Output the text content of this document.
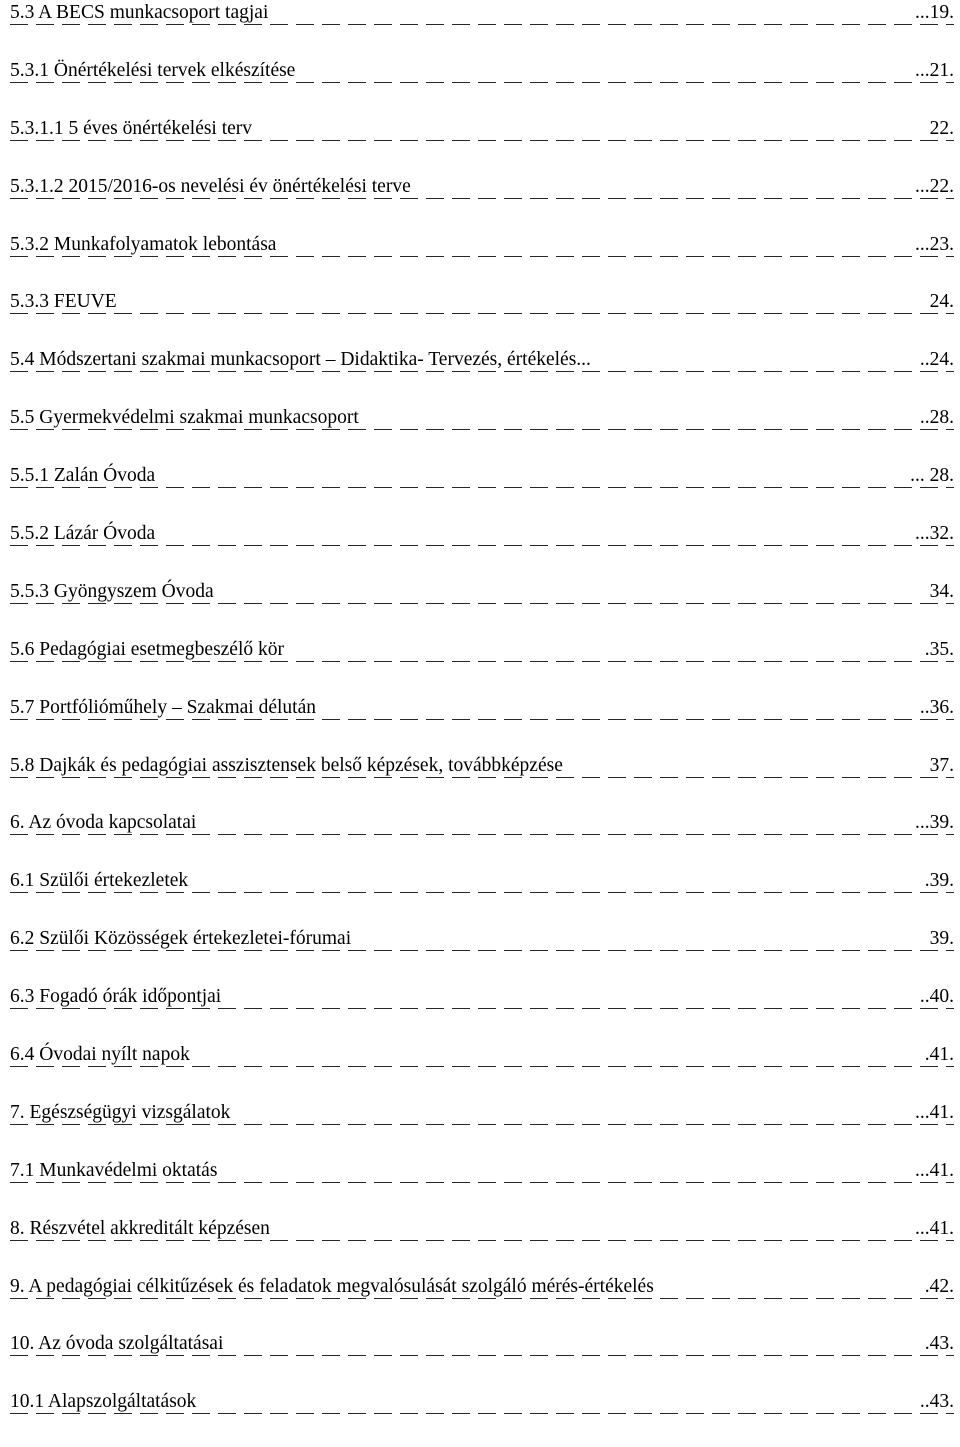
5.3 A BECS munkacsoport tagjai	...19.
5.3.1 Önértékelési tervek elkészítése	...21.
5.3.1.1 5 éves önértékelési terv	22.
5.3.1.2 2015/2016-os nevelési év önértékelési terve	...22.
5.3.2 Munkafolyamatok lebontása	...23.
5.3.3 FEUVE	24.
5.4 Módszertani szakmai munkacsoport – Didaktika- Tervezés, értékelés...	..24.
5.5 Gyermekvédelmi szakmai munkacsoport	..28.
5.5.1 Zalán Óvoda	... 28.
5.5.2 Lázár Óvoda	...32.
5.5.3 Gyöngyszem Óvoda	34.
5.6 Pedagógiai esetmegbeszélő kör	.35.
5.7 Portfólióműhely – Szakmai délután	..36.
5.8 Dajkák és pedagógiai asszisztensek belső képzések, továbbképzése	37.
6. Az óvoda kapcsolatai	...39.
6.1 Szülői értekezletek	.39.
6.2 Szülői Közösségek értekezletei-fórumai	39.
6.3 Fogadó órák időpontjai	..40.
6.4 Óvodai nyílt napok	.41.
7. Egészségügyi vizsgálatok	...41.
7.1 Munkavédelmi oktatás	...41.
8. Részvétel akkreditált képzésen	...41.
9. A pedagógiai célkitűzések és feladatok megvalósulását szolgáló mérés-értékelés	.42.
10. Az óvoda szolgáltatásai	.43.
10.1 Alapszolgáltatások	..43.
